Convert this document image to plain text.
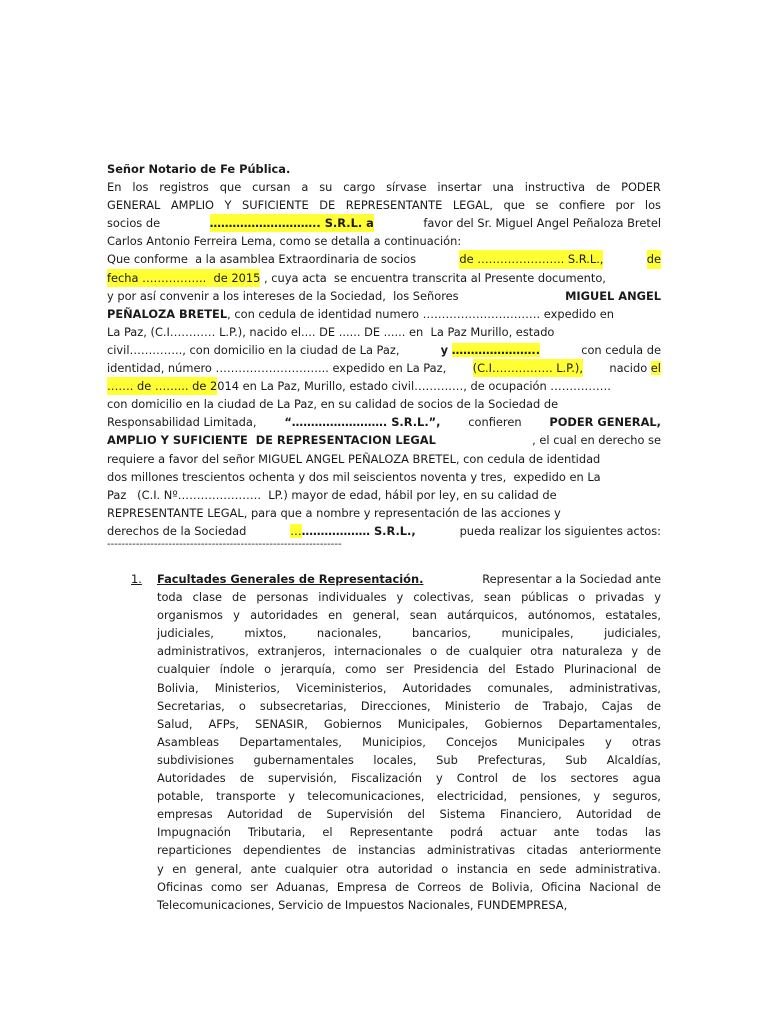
Señor Notario de Fe Pública.
En los registros que cursan a su cargo sírvase insertar una instructiva de PODER
GENERAL AMPLIO Y SUFICIENTE DE REPRESENTANTE LEGAL, que se confiere por los
socios de	……………………….. S.R.L. a	favor del Sr. Miguel Angel Peñaloza Bretel
Carlos Antonio Ferreira Lema, como se detalla a continuación:
Que conforme  a la asamblea Extraordinaria de socios	de ………………….. S.R.L.,	de
fecha ……………..  de 2015 , cuya acta  se encuentra transcrita al Presente documento,
y por así convenir a los intereses de la Sociedad,  los Señores	MIGUEL ANGEL
PEÑALOZA BRETEL , con cedula de identidad numero …………………………. expedido en
La Paz, (C.I………… L.P.), nacido el.... DE ...... DE ...... en  La Paz Murillo, estado
civil………….., con domicilio en la ciudad de La Paz,	y …………………..	con cedula de
identidad, número ………………………... expedido en La Paz, (C.I……………. L.P.), nacido el
……. de ……... de 2 014 en La Paz, Murillo, estado civil……….…, de ocupación …………….
con domicilio en la ciudad de La Paz, en su calidad de socios de la Sociedad de
Responsabilidad Limitada, “……………………. S.R.L.”, confieren PODER GENERAL,
AMPLIO Y SUFICIENTE  DE REPRESENTACION LEGAL	, el cual en derecho se
requiere a favor del señor MIGUEL ANGEL PEÑALOZA BRETEL, con cedula de identidad
dos millones trescientos ochenta y dos mil seiscientos noventa y tres,  expedido en La
Paz   (C.I. Nº………………….  LP.) mayor de edad, hábil por ley, en su calidad de
REPRESENTANTE LEGAL, para que a nombre y representación de las acciones y
derechos de la Sociedad	………………… S.R.L.,	pueda realizar los siguientes actos:
-----------------------------------------------------------------
1. Facultades Generales de Representación.	Representar a la Sociedad ante
toda clase de personas individuales y colectivas, sean públicas o privadas y
organismos y autoridades en general, sean autárquicos, autónomos, estatales,
judiciales,	mixtos,	nacionales,	bancarios,	municipales,	judiciales,
administrativos, extranjeros, internacionales o de cualquier otra naturaleza y de
cualquier índole o jerarquía, como ser Presidencia del Estado Plurinacional de
Bolivia, Ministerios, Viceministerios, Autoridades comunales, administrativas,
Secretarias, o subsecretarias, Direcciones, Ministerio de Trabajo, Cajas de
Salud, AFPs, SENASIR, Gobiernos Municipales, Gobiernos Departamentales,
Asambleas Departamentales, Municipios, Concejos Municipales y otras
subdivisiones gubernamentales locales, Sub Prefecturas, Sub Alcaldías,
Autoridades de supervisión, Fiscalización y Control de los sectores agua
potable, transporte y telecomunicaciones, electricidad, pensiones, y seguros,
empresas Autoridad de Supervisión del Sistema Financiero, Autoridad de
Impugnación Tributaria, el Representante podrá actuar ante todas las
reparticiones dependientes de instancias administrativas citadas anteriormente
y en general, ante cualquier otra autoridad o instancia en sede administrativa.
Oficinas como ser Aduanas, Empresa de Correos de Bolivia, Oficina Nacional de
Telecomunicaciones, Servicio de Impuestos Nacionales, FUNDEMPRESA,
